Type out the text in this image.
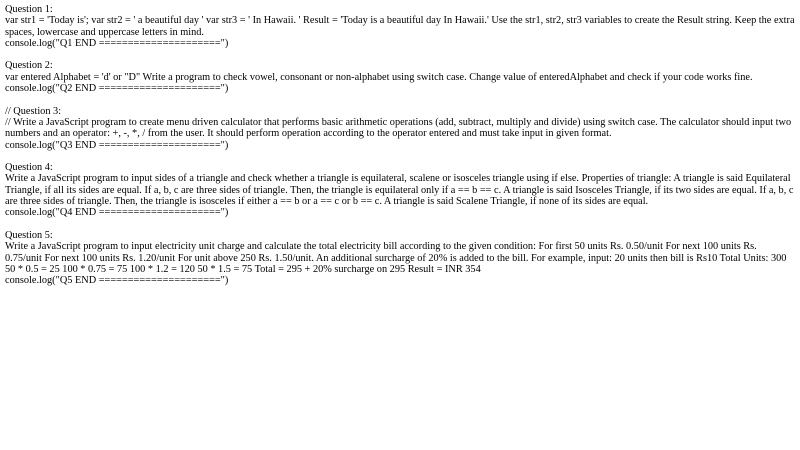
Question 1:
var str1 = 'Today is'; var str2 = ' a beautiful day ' var str3 = ' In Hawaii. ' Result = 'Today is a beautiful day In Hawaii.' Use the str1, str2, str3 variables to create the Result string. Keep the extra spaces, lowercase and uppercase letters in mind.
console.log("Q1 END =====================")
Question 2:
var entered Alphabet = 'd' or "D" Write a program to check vowel, consonant or non-alphabet using switch case. Change value of enteredAlphabet and check if your code works fine.
console.log("Q2 END =====================")
// Question 3:
// Write a JavaScript program to create menu driven calculator that performs basic arithmetic operations (add, subtract, multiply and divide) using switch case. The calculator should input two numbers and an operator: +, -, *, / from the user. It should perform operation according to the operator entered and must take input in given format.
console.log("Q3 END =====================")
Question 4:
Write a JavaScript program to input sides of a triangle and check whether a triangle is equilateral, scalene or isosceles triangle using if else. Properties of triangle: A triangle is said Equilateral Triangle, if all its sides are equal. If a, b, c are three sides of triangle. Then, the triangle is equilateral only if a == b == c. A triangle is said Isosceles Triangle, if its two sides are equal. If a, b, c are three sides of triangle. Then, the triangle is isosceles if either a == b or a == c or b == c. A triangle is said Scalene Triangle, if none of its sides are equal.
console.log("Q4 END =====================")
Question 5:
Write a JavaScript program to input electricity unit charge and calculate the total electricity bill according to the given condition: For first 50 units Rs. 0.50/unit For next 100 units Rs. 0.75/unit For next 100 units Rs. 1.20/unit For unit above 250 Rs. 1.50/unit. An additional surcharge of 20% is added to the bill. For example, input: 20 units then bill is Rs10 Total Units: 300 50 * 0.5 = 25 100 * 0.75 = 75 100 * 1.2 = 120 50 * 1.5 = 75 Total = 295 + 20% surcharge on 295 Result = INR 354
console.log("Q5 END =====================")
